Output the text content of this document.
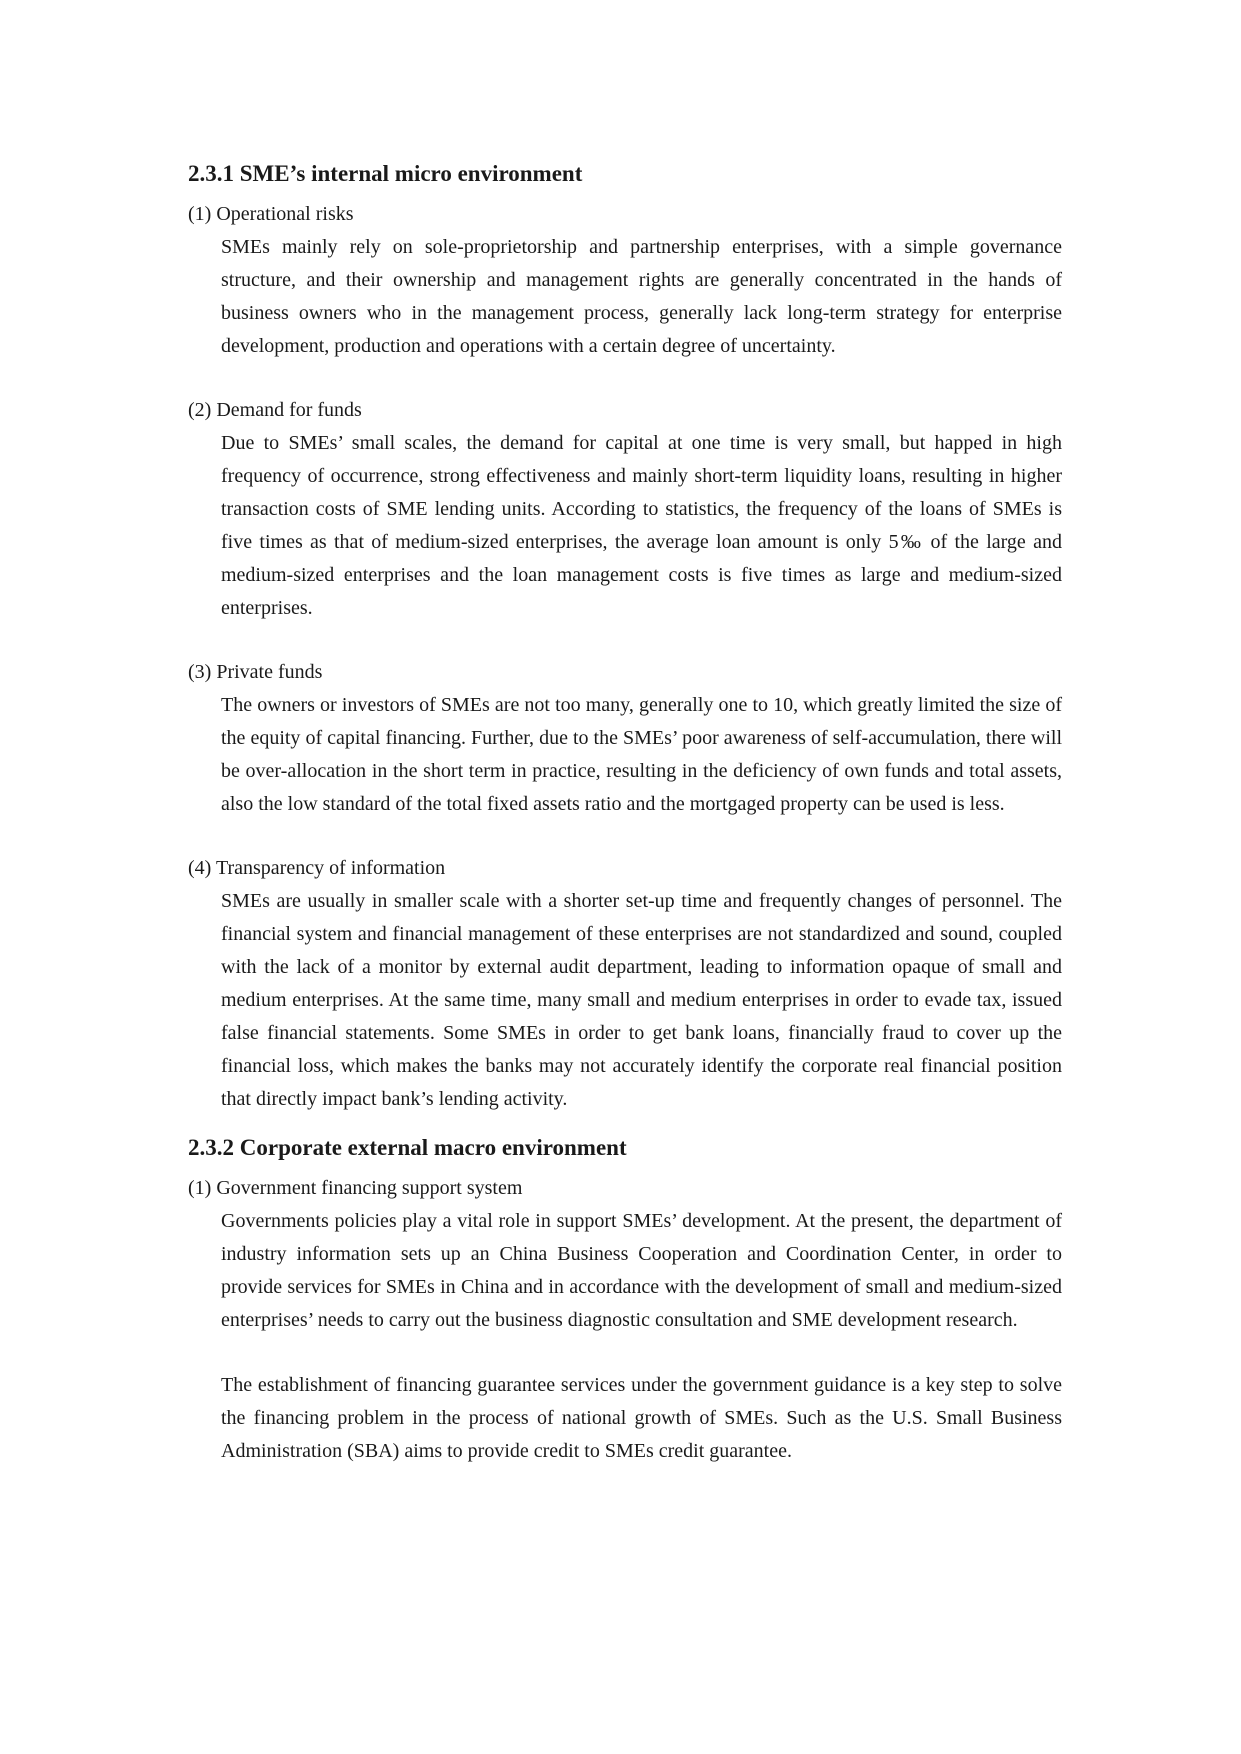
2.3.1 SME’s internal micro environment

(1) Operational risks

SMEs mainly rely on sole-proprietorship and partnership enterprises, with a simple governance structure, and their ownership and management rights are generally concentrated in the hands of business owners who in the management process, generally lack long-term strategy for enterprise development, production and operations with a certain degree of uncertainty.

(2) Demand for funds

Due to SMEs’ small scales, the demand for capital at one time is very small, but happed in high frequency of occurrence, strong effectiveness and mainly short-term liquidity loans, resulting in higher transaction costs of SME lending units. According to statistics, the frequency of the loans of SMEs is five times as that of medium-sized enterprises, the average loan amount is only 5‰ of the large and medium-sized enterprises and the loan management costs is five times as large and medium-sized enterprises.

(3) Private funds

The owners or investors of SMEs are not too many, generally one to 10, which greatly limited the size of the equity of capital financing. Further, due to the SMEs’ poor awareness of self-accumulation, there will be over-allocation in the short term in practice, resulting in the deficiency of own funds and total assets, also the low standard of the total fixed assets ratio and the mortgaged property can be used is less.

(4) Transparency of information

SMEs are usually in smaller scale with a shorter set-up time and frequently changes of personnel. The financial system and financial management of these enterprises are not standardized and sound, coupled with the lack of a monitor by external audit department, leading to information opaque of small and medium enterprises. At the same time, many small and medium enterprises in order to evade tax, issued false financial statements. Some SMEs in order to get bank loans, financially fraud to cover up the financial loss, which makes the banks may not accurately identify the corporate real financial position that directly impact bank’s lending activity.

2.3.2 Corporate external macro environment

(1) Government financing support system

Governments policies play a vital role in support SMEs’ development. At the present, the department of industry information sets up an China Business Cooperation and Coordination Center, in order to provide services for SMEs in China and in accordance with the development of small and medium-sized enterprises’ needs to carry out the business diagnostic consultation and SME development research.

The establishment of financing guarantee services under the government guidance is a key step to solve the financing problem in the process of national growth of SMEs. Such as the U.S. Small Business Administration (SBA) aims to provide credit to SMEs credit guarantee.
